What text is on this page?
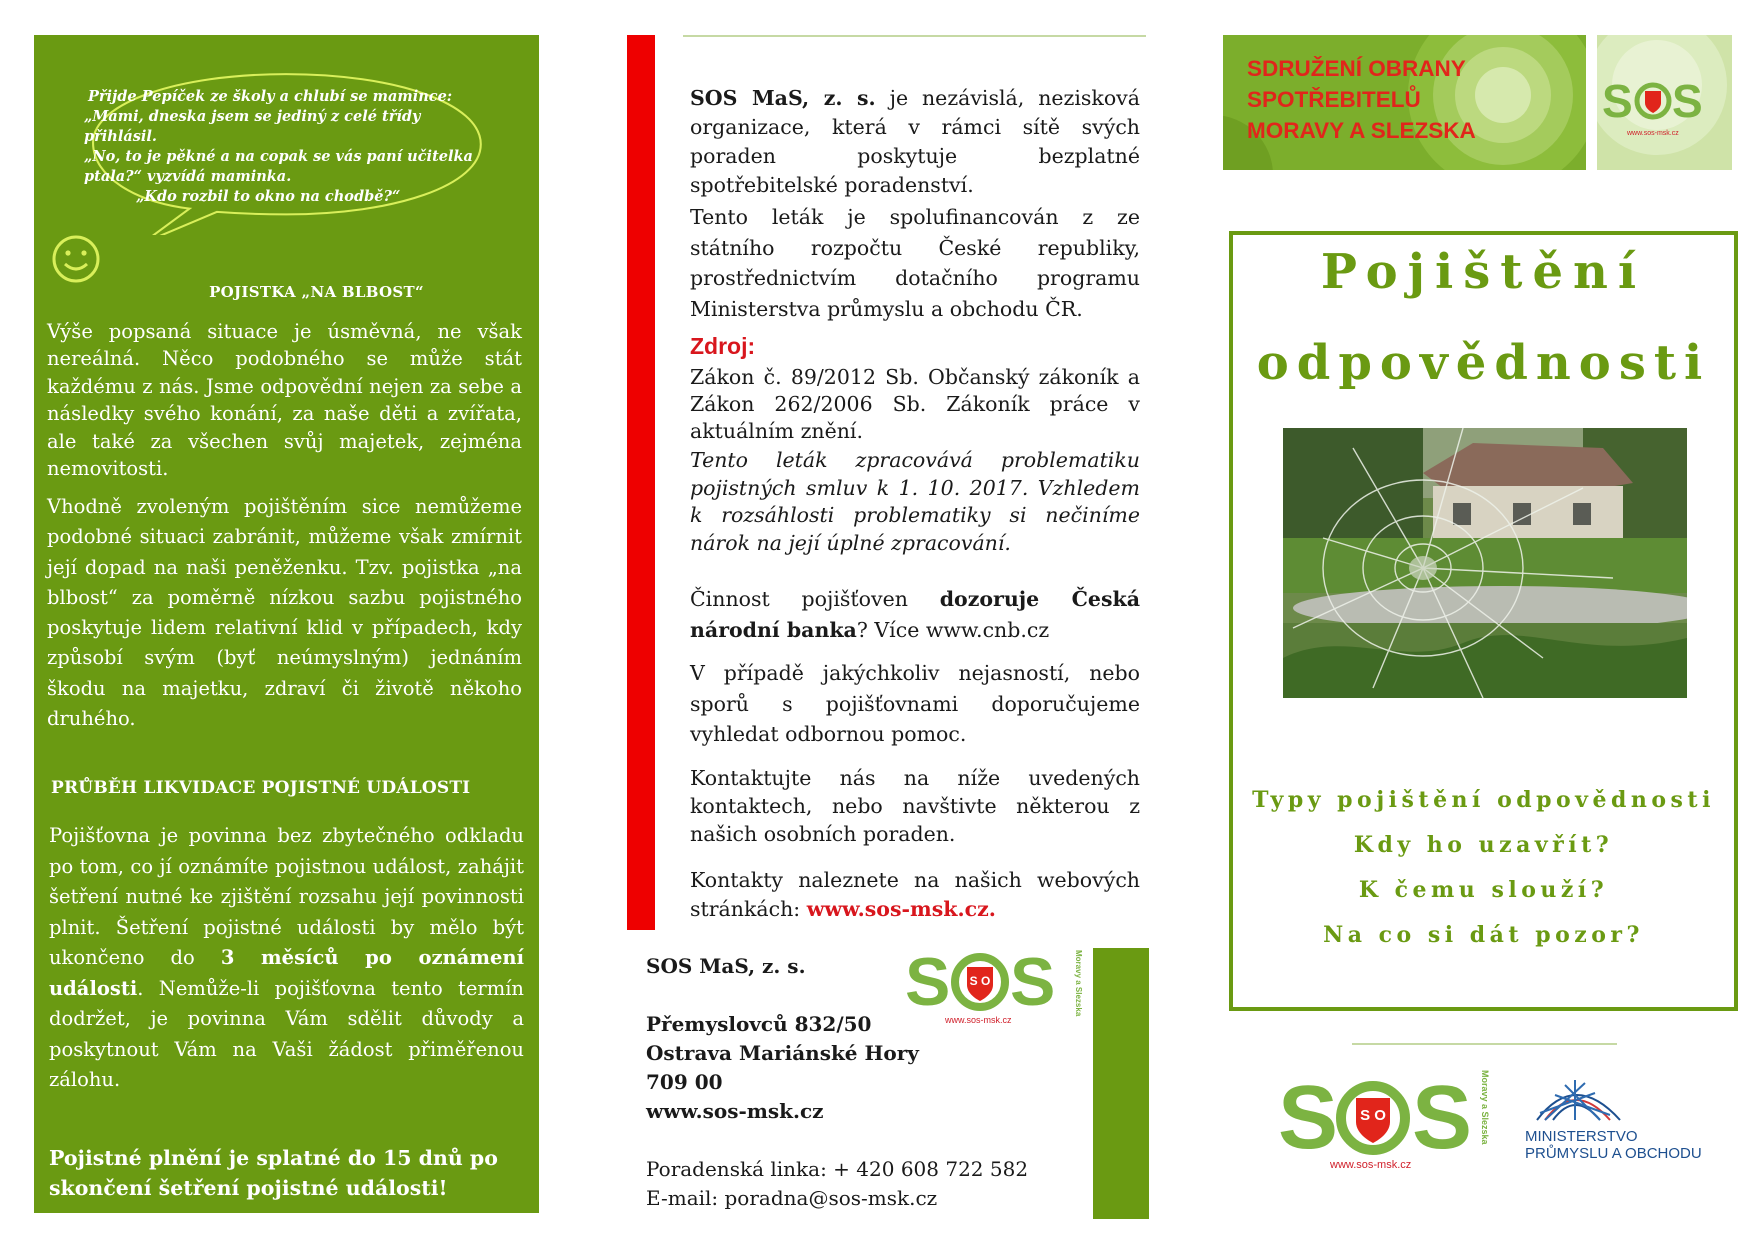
Přijde Pepíček ze školy a chlubí se mamince:
„Mami, dneska jsem se jediný z celé třídy
přihlásil.
„No, to je pěkné a na copak se vás paní učitelka
ptala?“ vyzvídá maminka.
„Kdo rozbil to okno na chodbě?“
POJISTKA „NA BLBOST“
Výše popsaná situace je úsměvná, ne však nereálná. Něco podobného se může stát každému z nás. Jsme odpovědní nejen za sebe a následky svého konání, za naše děti a zvířata, ale také za všechen svůj majetek, zejména nemovitosti.
Vhodně zvoleným pojištěním sice nemůžeme podobné situaci zabránit, můžeme však zmírnit její dopad na naši peněženku. Tzv. pojistka „na blbost“ za poměrně nízkou sazbu pojistného poskytuje lidem relativní klid v případech, kdy způsobí svým (byť neúmyslným) jednáním škodu na majetku, zdraví či životě někoho druhého.
PRŮBĚH LIKVIDACE POJISTNÉ UDÁLOSTI
Pojišťovna je povinna bez zbytečného odkladu po tom, co jí oznámíte pojistnou událost, zahájit šetření nutné ke zjištění rozsahu její povinnosti plnit. Šetření pojistné události by mělo být ukončeno do 3 měsíců po oznámení události. Nemůže-li pojišťovna tento termín dodržet, je povinna Vám sdělit důvody a poskytnout Vám na Vaši žádost přiměřenou zálohu.
Pojistné plnění je splatné do 15 dnů po skončení šetření pojistné události!
SOS MaS, z. s. je nezávislá, nezisková organizace, která v rámci sítě svých poraden poskytuje bezplatné spotřebitelské poradenství.
Tento leták je spolufinancován z ze státního rozpočtu České republiky, prostřednictvím dotačního programu Ministerstva průmyslu a obchodu ČR.
Zdroj:
Zákon č. 89/2012 Sb. Občanský zákoník a Zákon 262/2006 Sb. Zákoník práce v aktuálním znění.
Tento leták zpracovává problematiku pojistných smluv k 1. 10. 2017. Vzhledem k rozsáhlosti problematiky si nečiníme nárok na její úplné zpracování.
Činnost pojišťoven dozoruje Česká národní banka? Více www.cnb.cz
V případě jakýchkoliv nejasností, nebo sporů s pojišťovnami doporučujeme vyhledat odbornou pomoc.
Kontaktujte nás na níže uvedených kontaktech, nebo navštivte některou z našich osobních poraden.
Kontakty naleznete na našich webových stránkách: www.sos-msk.cz.
SOS MaS, z. s.
Přemyslovců 832/50
Ostrava Mariánské Hory
709 00
www.sos-msk.cz
Poradenská linka: + 420 608 722 582
E-mail: poradna@sos-msk.cz
S S O S
www.sos-msk.cz
Moravy a Slezska
SDRUŽENÍ OBRANY
SPOTŘEBITELŮ
MORAVY A SLEZSKA
S S
www.sos-msk.cz
Pojištění
odpovědnosti
Typy pojištění odpovědnosti
Kdy ho uzavřít?
K čemu slouží?
Na co si dát pozor?
S S O S
www.sos-msk.cz
Moravy a Slezska MINISTERSTVO
PRŮMYSLU A OBCHODU
